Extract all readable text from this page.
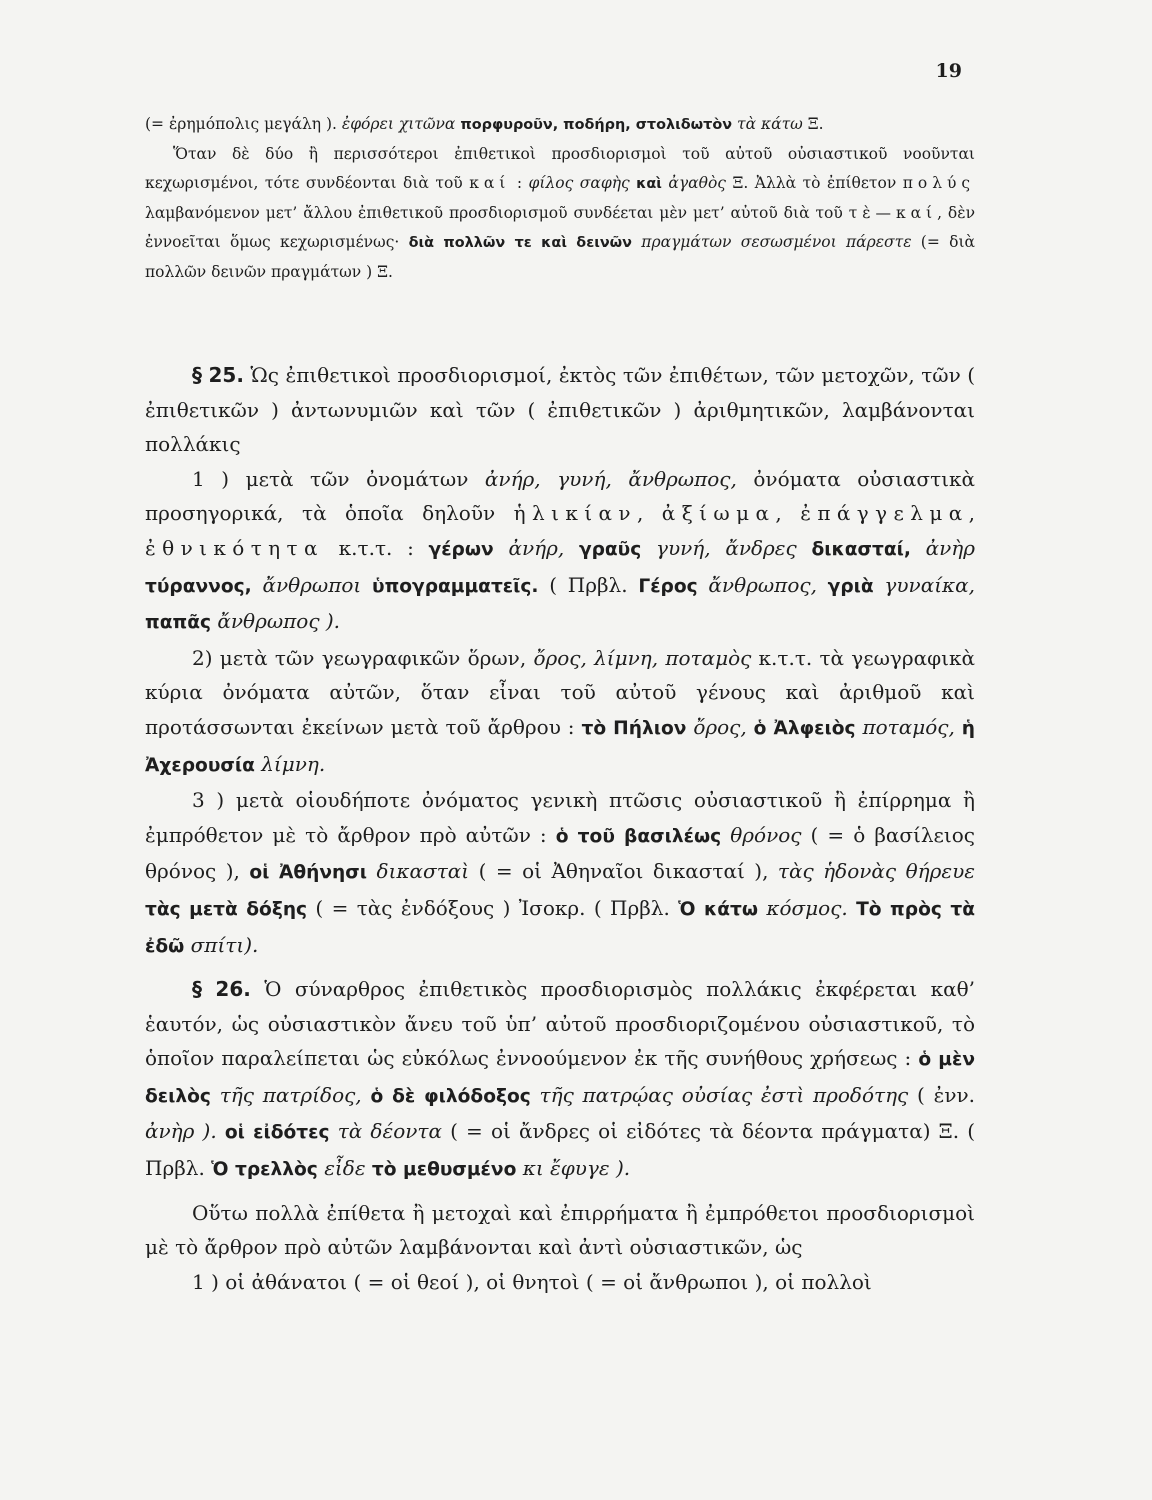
19

(= ἐρημόπολις μεγάλη ). ἐφόρει χιτῶνα πορφυροῦν, ποδήρη, στολιδωτὸν τὰ κάτω Ξ.

Ὅταν δὲ δύο ἢ περισσότεροι ἐπιθετικοὶ προσδιορισμοὶ τοῦ αὐτοῦ οὐσιαστικοῦ νοοῦνται κεχωρισμένοι, τότε συνδέονται διὰ τοῦ καί : φίλος σαφὴς καὶ ἀγαθὸς Ξ. Ἀλλὰ τὸ ἐπίθετον πολύς λαμβανόμενον μετ’ ἄλλου ἐπιθετικοῦ προσδιορισμοῦ συνδέεται μὲν μετ’ αὐτοῦ διὰ τοῦ τὲ—καί, δὲν ἐννοεῖται ὅμως κεχωρισμένως· διὰ πολλῶν τε καὶ δεινῶν πραγμάτων σεσωσμένοι πάρεστε (= διὰ πολλῶν δεινῶν πραγμάτων ) Ξ.

§ 25. Ὡς ἐπιθετικοὶ προσδιορισμοί, ἐκτὸς τῶν ἐπιθέτων, τῶν μετοχῶν, τῶν ( ἐπιθετικῶν ) ἀντωνυμιῶν καὶ τῶν ( ἐπιθετικῶν ) ἀριθμητικῶν, λαμβάνονται πολλάκις

1 ) μετὰ τῶν ὀνομάτων ἀνήρ, γυνή, ἄνθρωπος, ὀνόματα οὐσιαστικὰ προσηγορικά, τὰ ὁποῖα δηλοῦν ἡλικίαν, ἀξίωμα, ἐπάγγελμα, ἐθνικότητα κ.τ.τ. : γέρων ἀνήρ, γραῦς γυνή, ἄνδρες δικασταί, ἀνὴρ τύραννος, ἄνθρωποι ὑπογραμματεῖς. ( Πρβλ. Γέρος ἄνθρωπος, γριὰ γυναίκα, παπᾶς ἄνθρωπος ).

2) μετὰ τῶν γεωγραφικῶν ὅρων, ὄρος, λίμνη, ποταμὸς κ.τ.τ. τὰ γεωγραφικὰ κύρια ὀνόματα αὐτῶν, ὅταν εἶναι τοῦ αὐτοῦ γένους καὶ ἀριθμοῦ καὶ προτάσσωνται ἐκείνων μετὰ τοῦ ἄρθρου : τὸ Πήλιον ὄρος, ὁ Ἀλφειὸς ποταμός, ἡ Ἀχερουσία λίμνη.

3 ) μετὰ οἱουδήποτε ὀνόματος γενικὴ πτῶσις οὐσιαστικοῦ ἢ ἐπίρρημα ἢ ἐμπρόθετον μὲ τὸ ἄρθρον πρὸ αὐτῶν : ὁ τοῦ βασιλέως θρόνος ( = ὁ βασίλειος θρόνος ), οἱ Ἀθήνησι δικασταὶ ( = οἱ Ἀθηναῖοι δικασταί ), τὰς ἡδονὰς θήρευε τὰς μετὰ δόξης ( = τὰς ἐνδόξους ) Ἰσοκρ. ( Πρβλ. Ὁ κάτω κόσμος. Τὸ πρὸς τὰ ἐδῶ σπίτι).

§ 26. Ὁ σύναρθρος ἐπιθετικὸς προσδιορισμὸς πολλάκις ἐκφέρεται καθ’ ἑαυτόν, ὡς οὐσιαστικὸν ἄνευ τοῦ ὑπ’ αὐτοῦ προσδιοριζομένου οὐσιαστικοῦ, τὸ ὁποῖον παραλείπεται ὡς εὐκόλως ἐννοούμενον ἐκ τῆς συνήθους χρήσεως : ὁ μὲν δειλὸς τῆς πατρίδος, ὁ δὲ φιλόδοξος τῆς πατρῴας οὐσίας ἐστὶ προδότης ( ἐνν. ἀνὴρ ). οἱ εἰδότες τὰ δέοντα ( = οἱ ἄνδρες οἱ εἰδότες τὰ δέοντα πράγματα) Ξ. ( Πρβλ. Ὁ τρελλὸς εἶδε τὸ μεθυσμένο κι ἔφυγε ).

Οὕτω πολλὰ ἐπίθετα ἢ μετοχαὶ καὶ ἐπιρρήματα ἢ ἐμπρόθετοι προσδιορισμοὶ μὲ τὸ ἄρθρον πρὸ αὐτῶν λαμβάνονται καὶ ἀντὶ οὐσιαστικῶν, ὡς

1 ) οἱ ἀθάνατοι ( = οἱ θεοί ), οἱ θνητοὶ ( = οἱ ἄνθρωποι ), οἱ πολλοὶ
